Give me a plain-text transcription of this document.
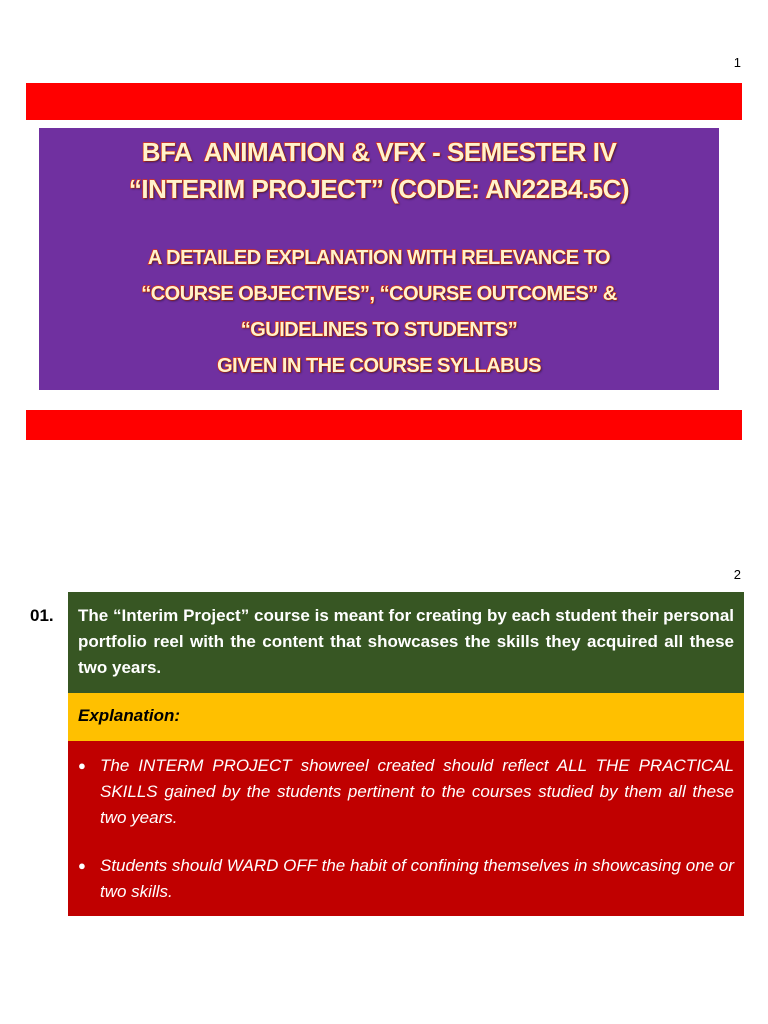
1

BFA  ANIMATION & VFX - SEMESTER IV

“INTERIM PROJECT” (CODE: AN22B4.5C)

A DETAILED EXPLANATION WITH RELEVANCE TO

“COURSE OBJECTIVES”, “COURSE OUTCOMES” &

“GUIDELINES TO STUDENTS”

GIVEN IN THE COURSE SYLLABUS

2
01.	The “Interim Project” course is meant for creating by each student their personal portfolio reel with the content that showcases the skills they acquired all these two years.
Explanation:
● The INTERM PROJECT showreel created should reflect ALL THE PRACTICAL SKILLS gained by the students pertinent to the courses studied by them all these two years.
● Students should WARD OFF the habit of confining themselves in showcasing one or two skills.
